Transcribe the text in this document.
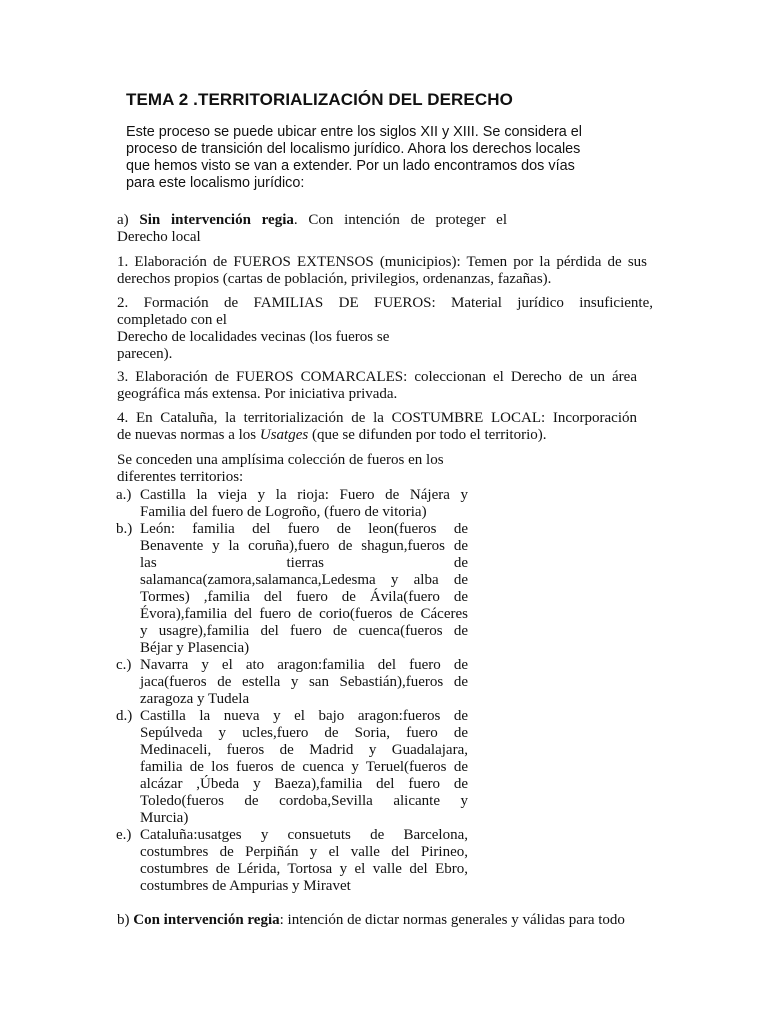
TEMA 2 .TERRITORIALIZACIÓN DEL DERECHO

Este proceso se puede ubicar entre los siglos XII y XIII. Se considera el

proceso de transición del localismo jurídico. Ahora los derechos locales

que hemos visto se van a extender. Por un lado encontramos dos vías

para este localismo jurídico:

a) Sin intervención regia. Con intención de proteger el

Derecho local

1. Elaboración de FUEROS EXTENSOS (municipios): Temen por la pérdida de sus

derechos propios (cartas de población, privilegios, ordenanzas, fazañas).

2. Formación de FAMILIAS DE FUEROS: Material jurídico insuficiente,

completado con el

Derecho de localidades vecinas (los fueros se

parecen).

3. Elaboración de FUEROS COMARCALES: coleccionan el Derecho de un área

geográfica más extensa. Por iniciativa privada.

4. En Cataluña, la territorialización de la COSTUMBRE LOCAL: Incorporación

de nuevas normas a los Usatges (que se difunden por todo el territorio).

Se conceden una amplísima colección de fueros en los

diferentes territorios:

a.) Castilla la vieja y la rioja: Fuero de Nájera y

Familia del fuero de Logroño, (fuero de vitoria)

b.) León: familia del fuero de leon(fueros de

Benavente y la coruña),fuero de shagun,fueros de

las tierras de

salamanca(zamora,salamanca,Ledesma y alba de

Tormes) ,familia del fuero de Ávila(fuero de

Évora),familia del fuero de corio(fueros de Cáceres

y usagre),familia del fuero de cuenca(fueros de

Béjar y Plasencia)

c.) Navarra y el ato aragon:familia del fuero de

jaca(fueros de estella y san Sebastián),fueros de

zaragoza y Tudela

d.) Castilla la nueva y el bajo aragon:fueros de

Sepúlveda y ucles,fuero de Soria, fuero de

Medinaceli, fueros de Madrid y Guadalajara,

familia de los fueros de cuenca y Teruel(fueros de

alcázar ,Úbeda y Baeza),familia del fuero de

Toledo(fueros de cordoba,Sevilla alicante y

Murcia)

e.) Cataluña:usatges y consuetuts de Barcelona,

costumbres de Perpiñán y el valle del Pirineo,

costumbres de Lérida, Tortosa y el valle del Ebro,

costumbres de Ampurias y Miravet

b) Con intervención regia: intención de dictar normas generales y válidas para todo
